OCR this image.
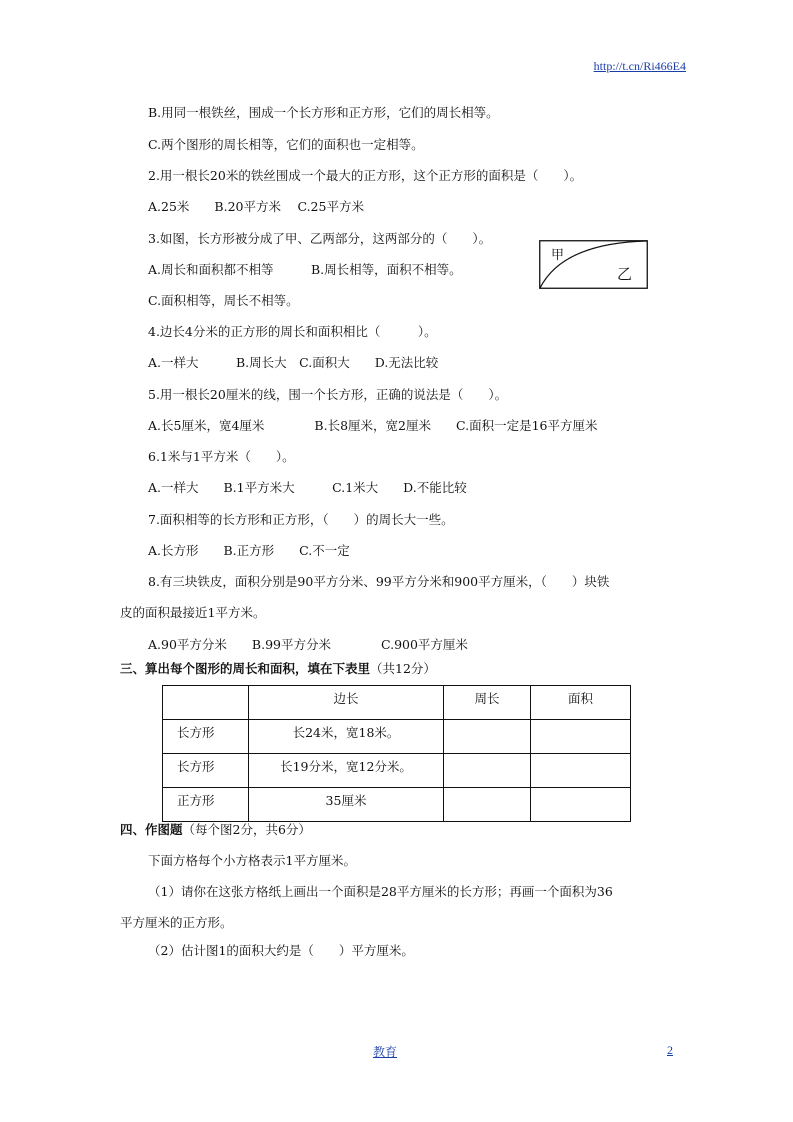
http://t.cn/Ri466E4
B.用同一根铁丝，围成一个长方形和正方形，它们的周长相等。
C.两个图形的周长相等，它们的面积也一定相等。
2.用一根长20米的铁丝围成一个最大的正方形，这个正方形的面积是（　　）。
A.25米　　B.20平方米　 C.25平方米
3.如图，长方形被分成了甲、乙两部分，这两部分的（　　）。
A.周长和面积都不相等　　　B.周长相等，面积不相等。
C.面积相等，周长不相等。
甲
乙
4.边长4分米的正方形的周长和面积相比（　　　）。
A.一样大　　　B.周长大　C.面积大　　D.无法比较
5.用一根长20厘米的线，围一个长方形，正确的说法是（　　）。
A.长5厘米，宽4厘米　　　　B.长8厘米，宽2厘米　　C.面积一定是16平方厘米
6.1米与1平方米（　　）。
A.一样大　　B.1平方米大　　　C.1米大　　D.不能比较
7.面积相等的长方形和正方形，（　　）的周长大一些。
A.长方形　　B.正方形　　C.不一定
8.有三块铁皮，面积分别是90平方分米、99平方分米和900平方厘米，（　　）块铁
皮的面积最接近1平方米。
A.90平方分米　　B.99平方分米　　　　C.900平方厘米
三、算出每个图形的周长和面积，填在下表里（共12分）
	边长	周长	面积
长方形	长24米，宽18米。		
长方形	长19分米，宽12分米。		
正方形	35厘米		
四、作图题（每个图2分，共6分）
下面方格每个小方格表示1平方厘米。
（1）请你在这张方格纸上画出一个面积是28平方厘米的长方形；再画一个面积为36
平方厘米的正方形。
（2）估计图1的面积大约是（　　）平方厘米。
教育	2
